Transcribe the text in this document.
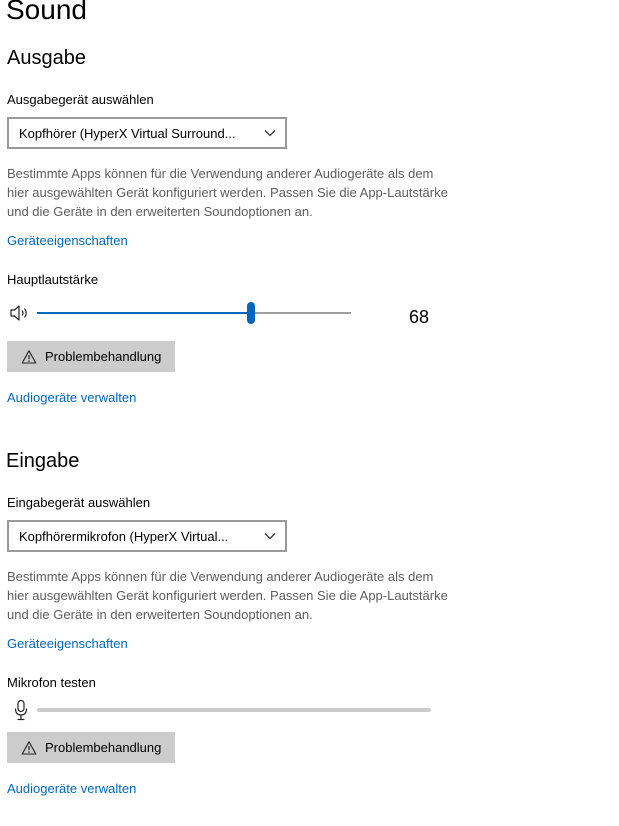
Sound
Ausgabe
Ausgabegerät auswählen
Kopfhörer (HyperX Virtual Surround...
Bestimmte Apps können für die Verwendung anderer Audiogeräte als dem hier ausgewählten Gerät konfiguriert werden. Passen Sie die App-Lautstärke und die Geräte in den erweiterten Soundoptionen an.
Geräteeigenschaften
Hauptlautstärke
68
Problembehandlung
Audiogeräte verwalten
Eingabe
Eingabegerät auswählen
Kopfhörermikrofon (HyperX Virtual...
Bestimmte Apps können für die Verwendung anderer Audiogeräte als dem hier ausgewählten Gerät konfiguriert werden. Passen Sie die App-Lautstärke und die Geräte in den erweiterten Soundoptionen an.
Geräteeigenschaften
Mikrofon testen
Problembehandlung
Audiogeräte verwalten
